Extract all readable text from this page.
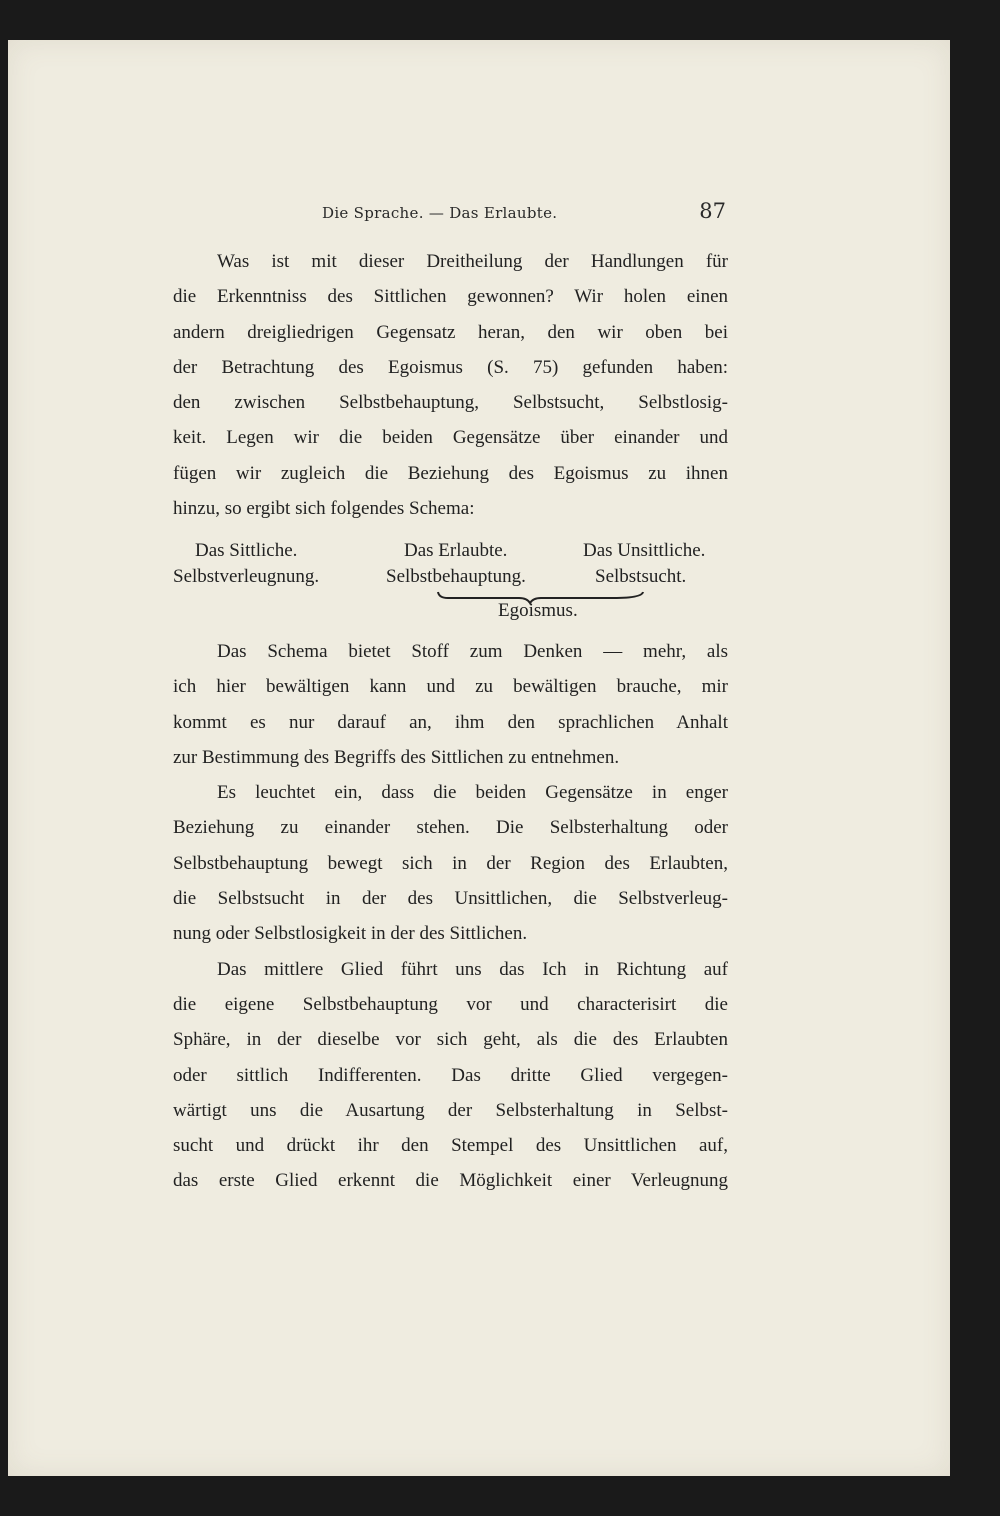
Die Sprache. — Das Erlaubte.	87
Was ist mit dieser Dreitheilung der Handlungen für
die Erkenntniss des Sittlichen gewonnen? Wir holen einen
andern dreigliedrigen Gegensatz heran, den wir oben bei
der Betrachtung des Egoismus (S. 75) gefunden haben:
den zwischen Selbstbehauptung, Selbstsucht, Selbstlosig-
keit. Legen wir die beiden Gegensätze über einander und
fügen wir zugleich die Beziehung des Egoismus zu ihnen
hinzu, so ergibt sich folgendes Schema:
Das Sittliche.	Das Erlaubte.	Das Unsittliche.
Selbstverleugnung.	Selbstbehauptung.	Selbstsucht.
Egoismus.
Das Schema bietet Stoff zum Denken — mehr, als
ich hier bewältigen kann und zu bewältigen brauche, mir
kommt es nur darauf an, ihm den sprachlichen Anhalt
zur Bestimmung des Begriffs des Sittlichen zu entnehmen.
Es leuchtet ein, dass die beiden Gegensätze in enger
Beziehung zu einander stehen. Die Selbsterhaltung oder
Selbstbehauptung bewegt sich in der Region des Erlaubten,
die Selbstsucht in der des Unsittlichen, die Selbstverleug-
nung oder Selbstlosigkeit in der des Sittlichen.
Das mittlere Glied führt uns das Ich in Richtung auf
die eigene Selbstbehauptung vor und characterisirt die
Sphäre, in der dieselbe vor sich geht, als die des Erlaubten
oder sittlich Indifferenten. Das dritte Glied vergegen-
wärtigt uns die Ausartung der Selbsterhaltung in Selbst-
sucht und drückt ihr den Stempel des Unsittlichen auf,
das erste Glied erkennt die Möglichkeit einer Verleugnung
